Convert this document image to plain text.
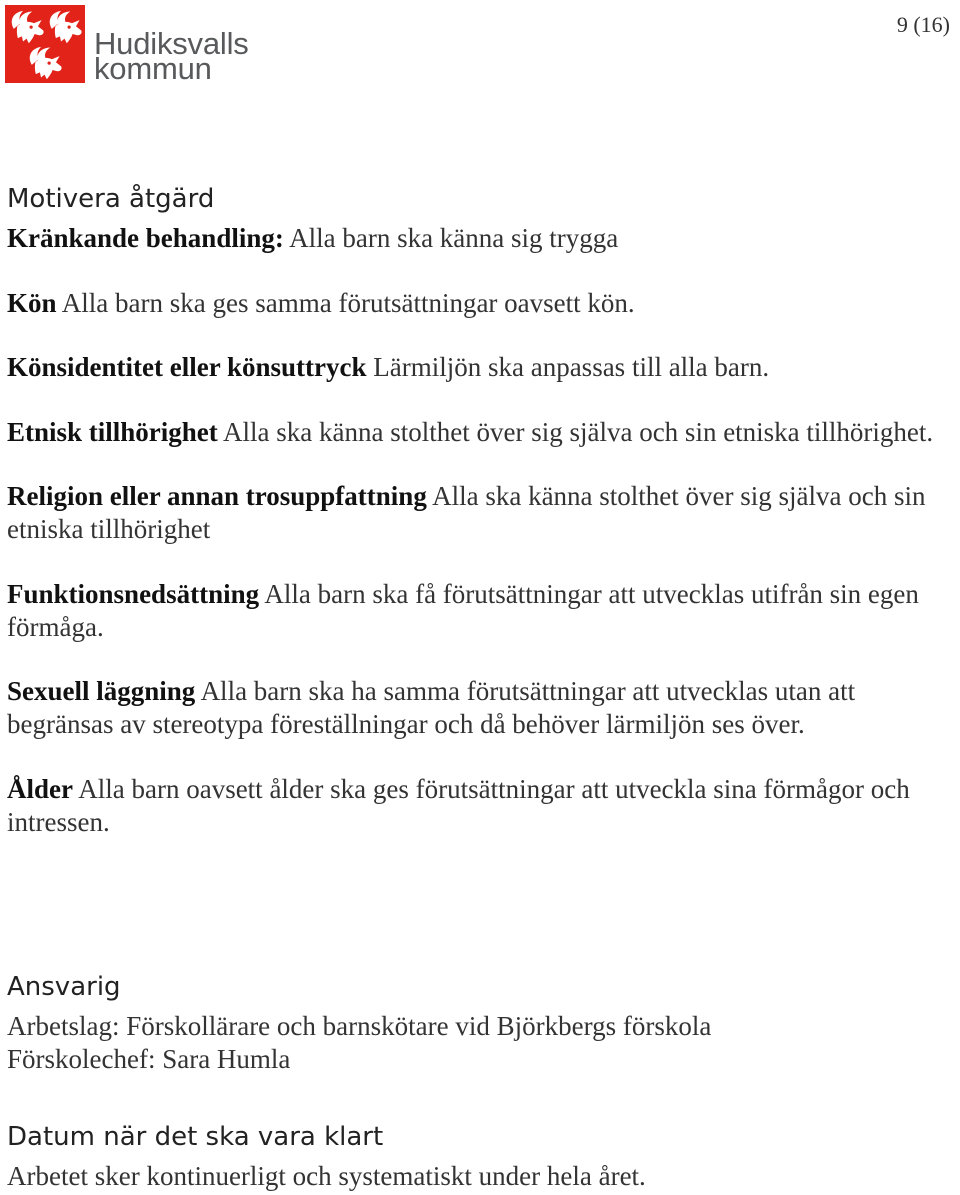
Hudiksvalls
kommun
9 (16)
Motivera åtgärd
Kränkande behandling: Alla barn ska känna sig trygga
Kön Alla barn ska ges samma förutsättningar oavsett kön.
Könsidentitet eller könsuttryck Lärmiljön ska anpassas till alla barn.
Etnisk tillhörighet Alla ska känna stolthet över sig själva och sin etniska tillhörighet.
Religion eller annan trosuppfattning Alla ska känna stolthet över sig själva och sin
etniska tillhörighet
Funktionsnedsättning Alla barn ska få förutsättningar att utvecklas utifrån sin egen
förmåga.
Sexuell läggning Alla barn ska ha samma förutsättningar att utvecklas utan att
begränsas av stereotypa föreställningar och då behöver lärmiljön ses över.
Ålder Alla barn oavsett ålder ska ges förutsättningar att utveckla sina förmågor och
intressen.
Ansvarig
Arbetslag: Förskollärare och barnskötare vid Björkbergs förskola
Förskolechef: Sara Humla
Datum när det ska vara klart
Arbetet sker kontinuerligt och systematiskt under hela året.
